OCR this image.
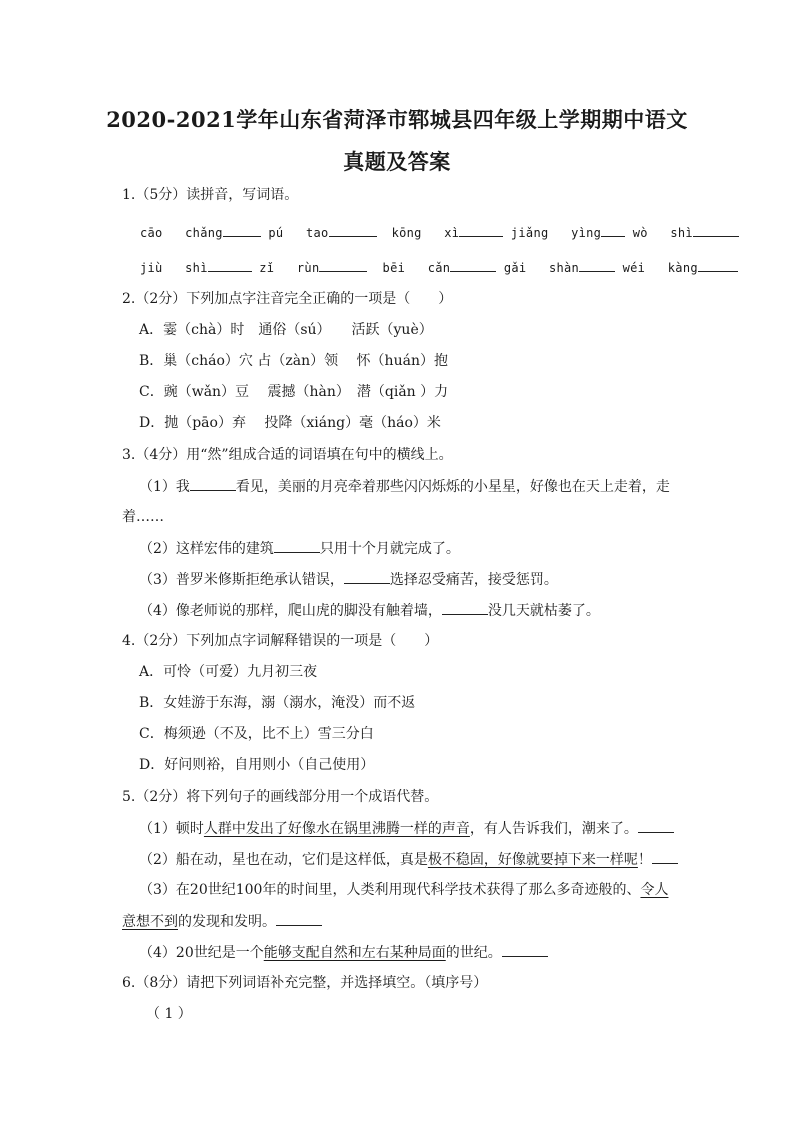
2020-2021学年山东省菏泽市郓城县四年级上学期期中语文
真题及答案
1.（5分）读拼音，写词语。
cāo chǎng	pú tao	kōng xì	jiǎng yìng	wò shì
jiù shì	zǐ rùn	bēi cǎn	gǎi shàn	wéi kàng
2.（2分）下列加点字注音完全正确的一项是（　　）
A．霎（chà）时　通俗（sú）　　活跃（yuè）
B．巢（cháo）穴 占（zàn）领　 怀（huán）抱
C．豌（wǎn）豆　 震撼（hàn）　潜（qiǎn ）力
D．抛（pāo）弃　 投降（xiáng）毫（háo）米
3.（4分）用“然”组成合适的词语填在句中的横线上。
（1）我	看见，美丽的月亮牵着那些闪闪烁烁的小星星，好像也在天上走着，走
着……
（2）这样宏伟的建筑	只用十个月就完成了。
（3）普罗米修斯拒绝承认错误，	选择忍受痛苦，接受惩罚。
（4）像老师说的那样，爬山虎的脚没有触着墙，	没几天就枯萎了。
4.（2分）下列加点字词解释错误的一项是（　　）
A．可怜（可爱）九月初三夜
B．女娃游于东海，溺（溺水，淹没）而不返
C．梅须逊（不及，比不上）雪三分白
D．好问则裕，自用则小（自己使用）
5.（2分）将下列句子的画线部分用一个成语代替。
（1）顿时人群中发出了好像水在锅里沸腾一样的声音，有人告诉我们，潮来了。
（2）船在动，星也在动，它们是这样低，真是极不稳固，好像就要掉下来一样呢！
（3）在20世纪100年的时间里，人类利用现代科学技术获得了那么多奇迹般的、令人
意想不到的发现和发明。
（4）20世纪是一个能够支配自然和左右某种局面的世纪。
6.（8分）请把下列词语补充完整，并选择填空。（填序号）
（ 1 ）
